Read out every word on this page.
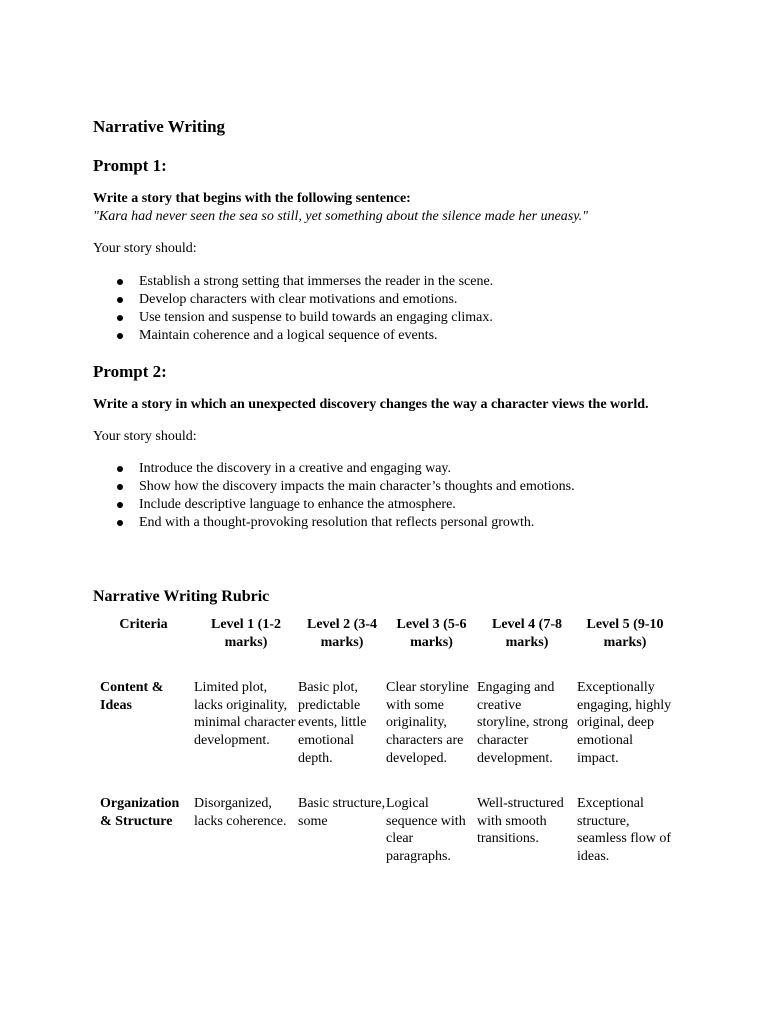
Narrative Writing
Prompt 1:
Write a story that begins with the following sentence:
"Kara had never seen the sea so still, yet something about the silence made her uneasy."
Your story should:
Establish a strong setting that immerses the reader in the scene.
Develop characters with clear motivations and emotions.
Use tension and suspense to build towards an engaging climax.
Maintain coherence and a logical sequence of events.
Prompt 2:
Write a story in which an unexpected discovery changes the way a character views the world.
Your story should:
Introduce the discovery in a creative and engaging way.
Show how the discovery impacts the main character’s thoughts and emotions.
Include descriptive language to enhance the atmosphere.
End with a thought-provoking resolution that reflects personal growth.
Narrative Writing Rubric
Criteria	Level 1 (1-2 marks)	Level 2 (3-4 marks)	Level 3 (5-6 marks)	Level 4 (7-8 marks)	Level 5 (9-10 marks)
Content & Ideas	Limited plot, lacks originality, minimal character development.	Basic plot, predictable events, little emotional depth.	Clear storyline with some originality, characters are developed.	Engaging and creative storyline, strong character development.	Exceptionally engaging, highly original, deep emotional impact.
Organization & Structure	Disorganized, lacks coherence.	Basic structure, some	Logical sequence with clear paragraphs.	Well-structured with smooth transitions.	Exceptional structure, seamless flow of ideas.
